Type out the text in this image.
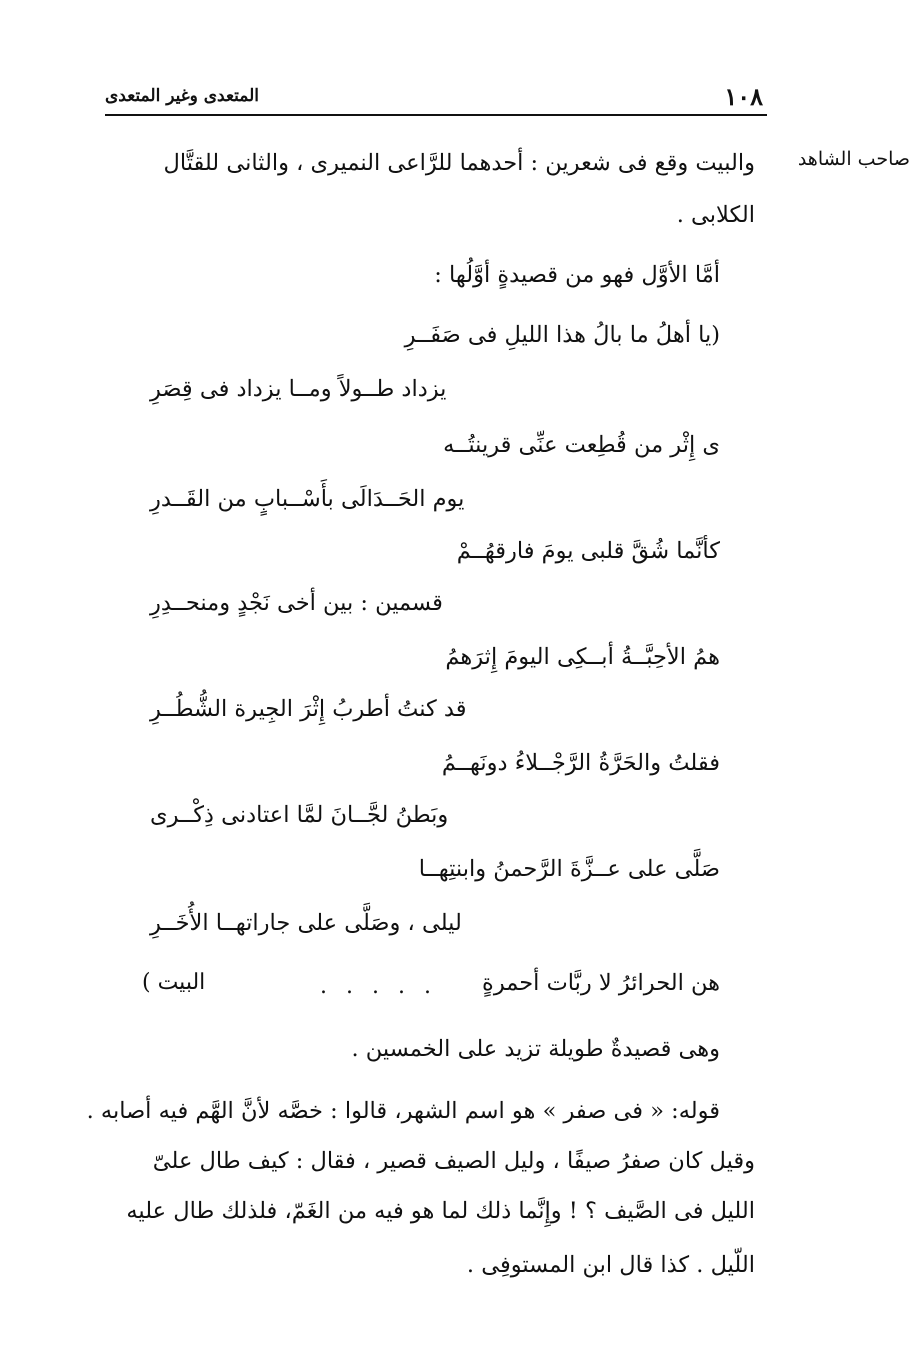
١٠٨
المتعدى وغير المتعدى
صاحب الشاهد
والبيت وقع فى شعرين : أحدهما للرَّاعى النميرى ، والثانى للقتَّال
الكلابى .
أمَّا الأوَّل فهو من قصيدةٍ أوَّلُها :
(يا أهلُ ما بالُ هذا الليلِ فى صَفَــرِ
يزداد طــولاً ومــا يزداد فى قِصَرِ
ى إِثْر من قُطِعت عنِّى قرينتُــه
يوم الحَــدَالَى بأَسْــبابٍ من القَــدرِ
كأنَّما شُقَّ قلبى يومَ فارقهُــمْ
قسمين : بين أخى نَجْدٍ ومنحــدِرِ
همُ الأحِبَّــةُ أبــكِى اليومَ إِثرَهمُ
قد كنتُ أطربُ إِثْرَ الجِيرة الشُّطُــرِ
فقلتُ والحَرَّةُ الرَّجْــلاءُ دونَهــمُ
وبَطنُ لجَّــانَ لمَّا اعتادنى ذِكْــرى
صَلَّى على عــزَّةَ الرَّحمنُ وابنتِهــا
ليلى ، وصَلَّى على جاراتهــا الأُخَــرِ
هن الحرائرُ لا ربَّات أحمرةٍ
. . . . .
البيت )
وهى قصيدةٌ طويلة تزيد على الخمسين .
قوله: « فى صفر » هو اسم الشهر، قالوا : خصَّه لأنَّ الهَّم فيه أصابه .
وقيل كان صفرُ صيفًا ، وليل الصيف قصير ، فقال : كيف طال علىّ
الليل فى الصَّيف ؟ ! وإِنَّما ذلك لما هو فيه من الغَمّ، فلذلك طال عليه
اللّيل . كذا قال ابن المستوفِى .
